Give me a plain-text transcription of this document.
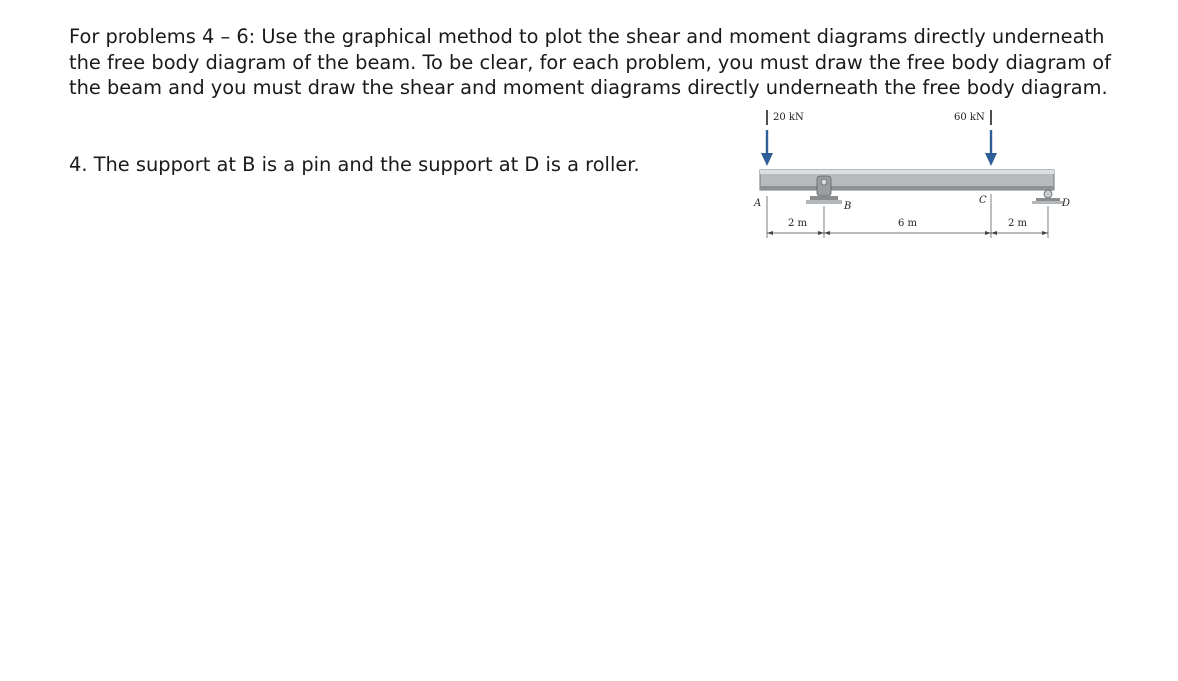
For problems 4 – 6: Use the graphical method to plot the shear and moment diagrams directly underneath
the free body diagram of the beam. To be clear, for each problem, you must draw the free body diagram of
the beam and you must draw the shear and moment diagrams directly underneath the free body diagram.
4. The support at B is a pin and the support at D is a roller.
20 kN	60 kN
A	B
C	D
2 m	6 m	2 m
